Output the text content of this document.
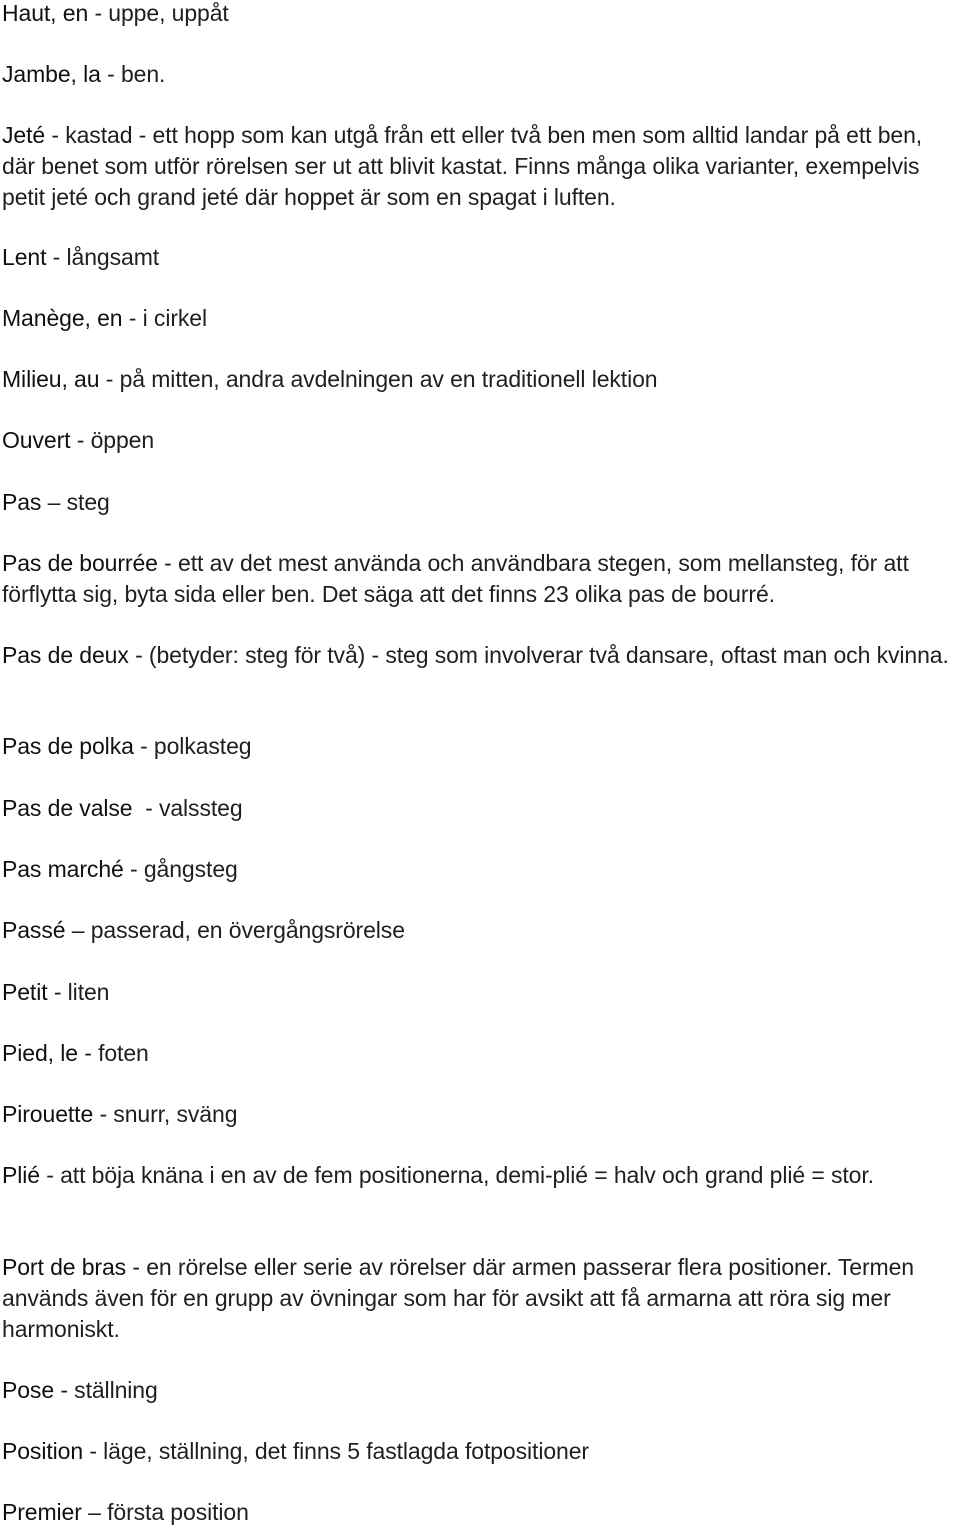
Haut, en - uppe, uppåt
Jambe, la - ben.
Jeté - kastad - ett hopp som kan utgå från ett eller två ben men som alltid landar på ett ben, där benet som utför rörelsen ser ut att blivit kastat. Finns många olika varianter, exempelvis petit jeté och grand jeté där hoppet är som en spagat i luften.
Lent - långsamt
Manège, en - i cirkel
Milieu, au - på mitten, andra avdelningen av en traditionell lektion
Ouvert - öppen
Pas – steg
Pas de bourrée - ett av det mest använda och användbara stegen, som mellansteg, för att förflytta sig, byta sida eller ben. Det säga att det finns 23 olika pas de bourré.
Pas de deux - (betyder: steg för två) - steg som involverar två dansare, oftast man och kvinna.
Pas de polka - polkasteg
Pas de valse  - valssteg
Pas marché - gångsteg
Passé – passerad, en övergångsrörelse
Petit - liten
Pied, le - foten
Pirouette - snurr, sväng
Plié - att böja knäna i en av de fem positionerna, demi-plié = halv och grand plié = stor.
Port de bras - en rörelse eller serie av rörelser där armen passerar flera positioner. Termen används även för en grupp av övningar som har för avsikt att få armarna att röra sig mer harmoniskt.
Pose - ställning
Position - läge, ställning, det finns 5 fastlagda fotpositioner
Premier – första position
